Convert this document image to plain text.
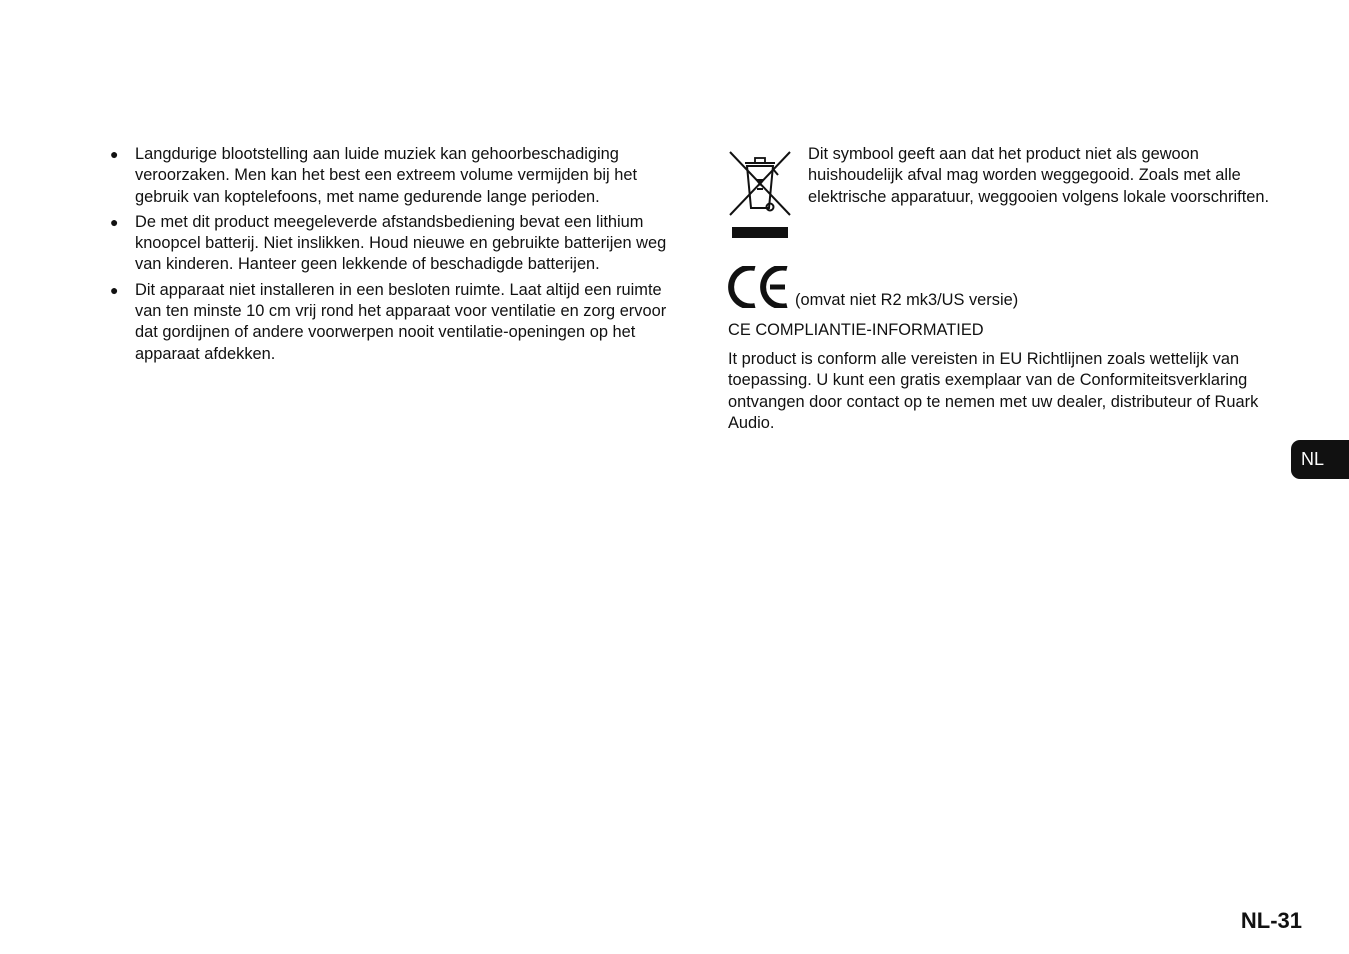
● Langdurige blootstelling aan luide muziek kan gehoorbeschadiging veroorzaken. Men kan het best een extreem volume vermijden bij het gebruik van koptelefoons, met name gedurende lange perioden.
● De met dit product meegeleverde afstandsbediening bevat een lithium knoopcel batterij. Niet inslikken. Houd nieuwe en gebruikte batterijen weg van kinderen. Hanteer geen lekkende of beschadigde batterijen.
● Dit apparaat niet installeren in een besloten ruimte. Laat altijd een ruimte van ten minste 10 cm vrij rond het apparaat voor ventilatie en zorg ervoor dat gordijnen of andere voorwerpen nooit ventilatie-openingen op het apparaat afdekken.
Dit symbool geeft aan dat het product niet als gewoon huishoudelijk afval mag worden weggegooid. Zoals met alle elektrische apparatuur, weggooien volgens lokale voorschriften.
(omvat niet R2 mk3/US versie)
CE COMPLIANTIE-INFORMATIED
It product is conform alle vereisten in EU Richtlijnen zoals wettelijk van toepassing. U kunt een gratis exemplaar van de Conformiteitsverklaring ontvangen door contact op te nemen met uw dealer, distributeur of Ruark Audio.
NL
NL-31
